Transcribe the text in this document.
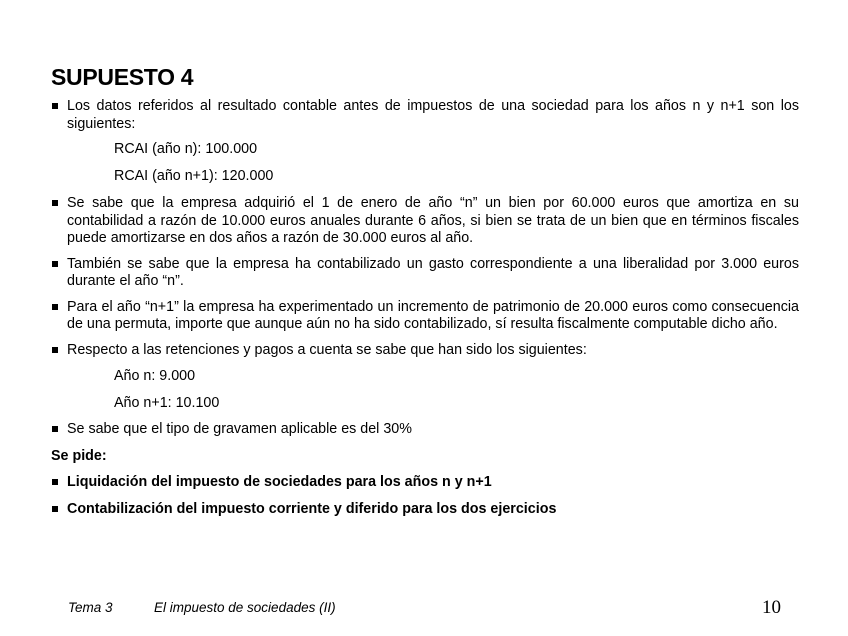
SUPUESTO 4
Los datos referidos al resultado contable antes de impuestos de una sociedad para los años n y n+1 son los siguientes:
RCAI (año n): 100.000
RCAI (año n+1): 120.000
Se sabe que la empresa adquirió el 1 de enero de año “n” un bien por 60.000 euros que amortiza en su contabilidad a razón de 10.000 euros anuales durante 6 años, si bien se trata de un bien que en términos fiscales puede amortizarse en dos años a razón de 30.000 euros al año.
También se sabe que la empresa ha contabilizado un gasto correspondiente a una liberalidad por 3.000 euros durante el año “n”.
Para el año “n+1” la empresa ha experimentado un incremento de patrimonio de 20.000 euros como consecuencia de una permuta, importe que aunque aún no ha sido contabilizado, sí resulta fiscalmente computable dicho año.
Respecto a las retenciones y pagos a cuenta se sabe que han sido los siguientes:
Año n: 9.000
Año n+1: 10.100
Se sabe que el tipo de gravamen aplicable es del 30%
Se pide:
Liquidación del impuesto de sociedades para los años n y n+1
Contabilización del impuesto corriente y diferido para los dos ejercicios
Tema 3	El impuesto de sociedades (II)	10
